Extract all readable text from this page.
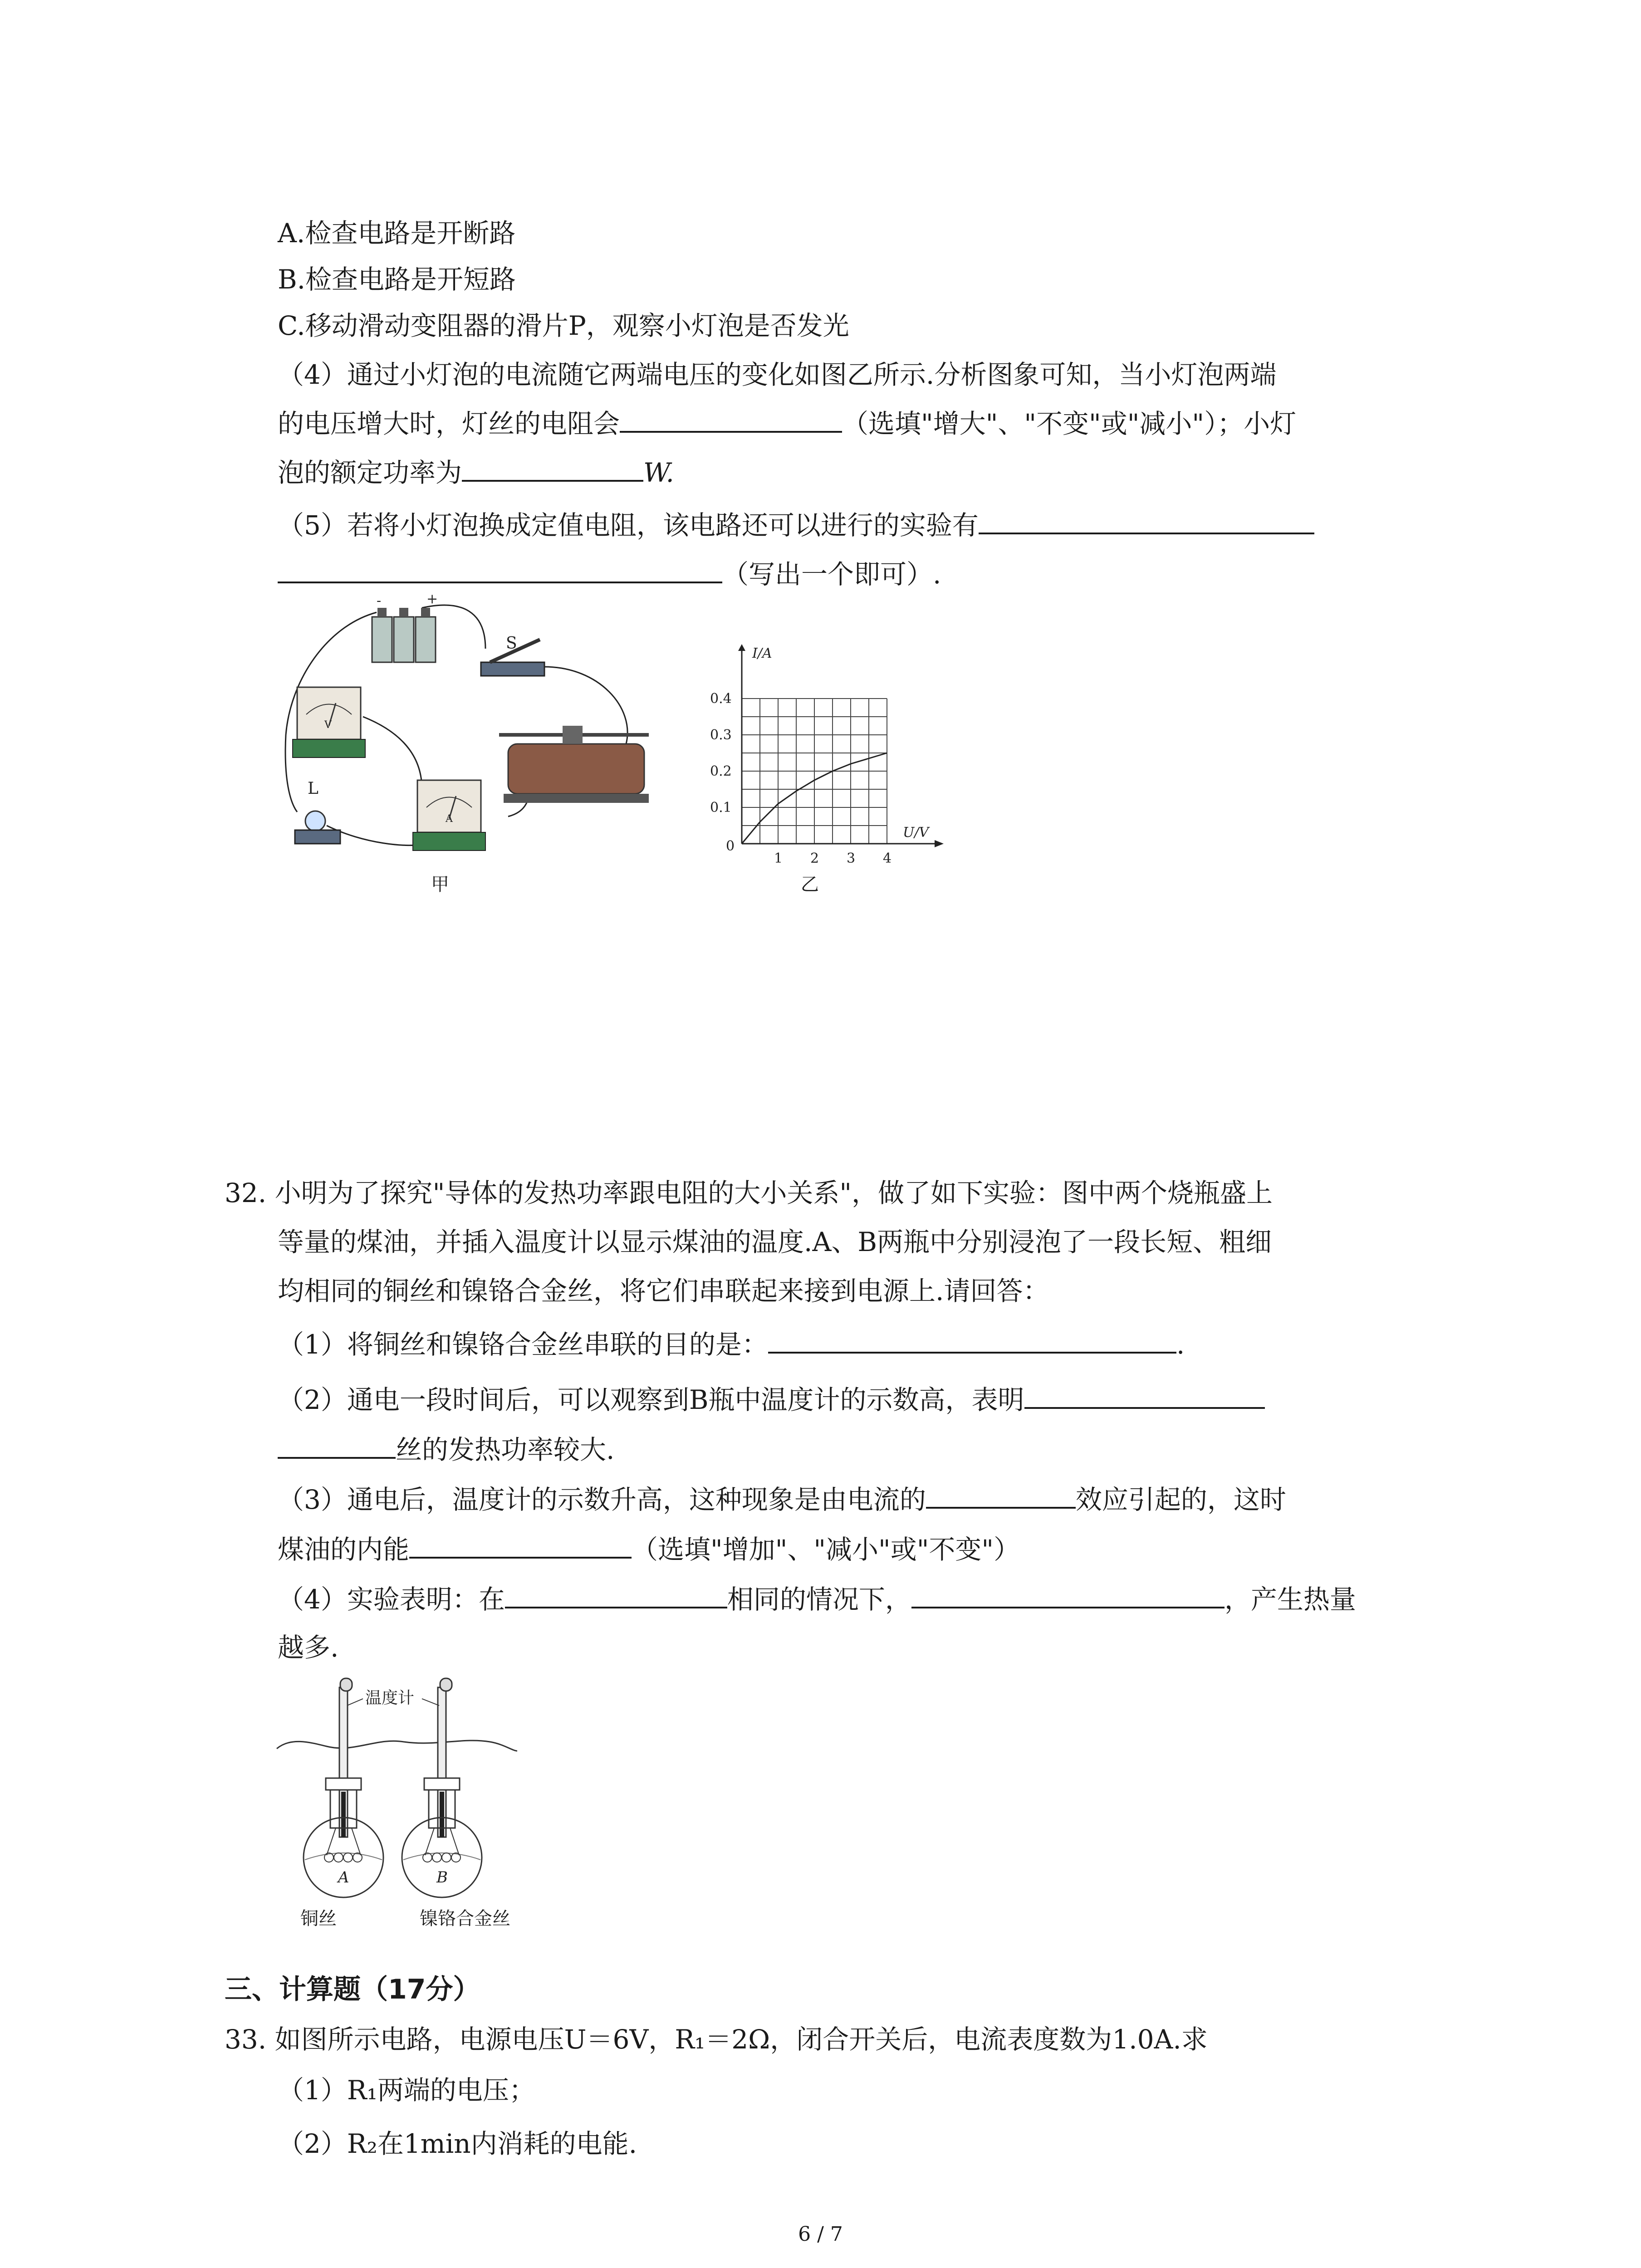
A.检查电路是开断路
B.检查电路是开短路
C.移动滑动变阻器的滑片P，观察小灯泡是否发光
（4）通过小灯泡的电流随它两端电压的变化如图乙所示.分析图象可知，当小灯泡两端
的电压增大时，灯丝的电阻会	（选填"增大"、"不变"或"减小"）；小灯
泡的额定功率为	W.
（5）若将小灯泡换成定值电阻，该电路还可以进行的实验有
（写出一个即可）.
-	+
S
V
A
L
甲
1 2 3 4
0.1
0.2
0.3
0.4
I/A
U/V
0
乙
32. 小明为了探究"导体的发热功率跟电阻的大小关系"，做了如下实验：图中两个烧瓶盛上
等量的煤油，并插入温度计以显示煤油的温度.A、B两瓶中分别浸泡了一段长短、粗细
均相同的铜丝和镍铬合金丝，将它们串联起来接到电源上.请回答：
（1）将铜丝和镍铬合金丝串联的目的是：	.
（2）通电一段时间后，可以观察到B瓶中温度计的示数高，表明
丝的发热功率较大.
（3）通电后，温度计的示数升高，这种现象是由电流的	效应引起的，这时
煤油的内能	（选填"增加"、"减小"或"不变"）
（4）实验表明：在	相同的情况下，	，产生热量
越多.
温度计
A	B
铜丝	镍铬合金丝
三、计算题（17分）
33. 如图所示电路，电源电压U＝6V，R₁＝2Ω，闭合开关后，电流表度数为1.0A.求
（1）R₁两端的电压；
（2）R₂在1min内消耗的电能.
6 / 7
